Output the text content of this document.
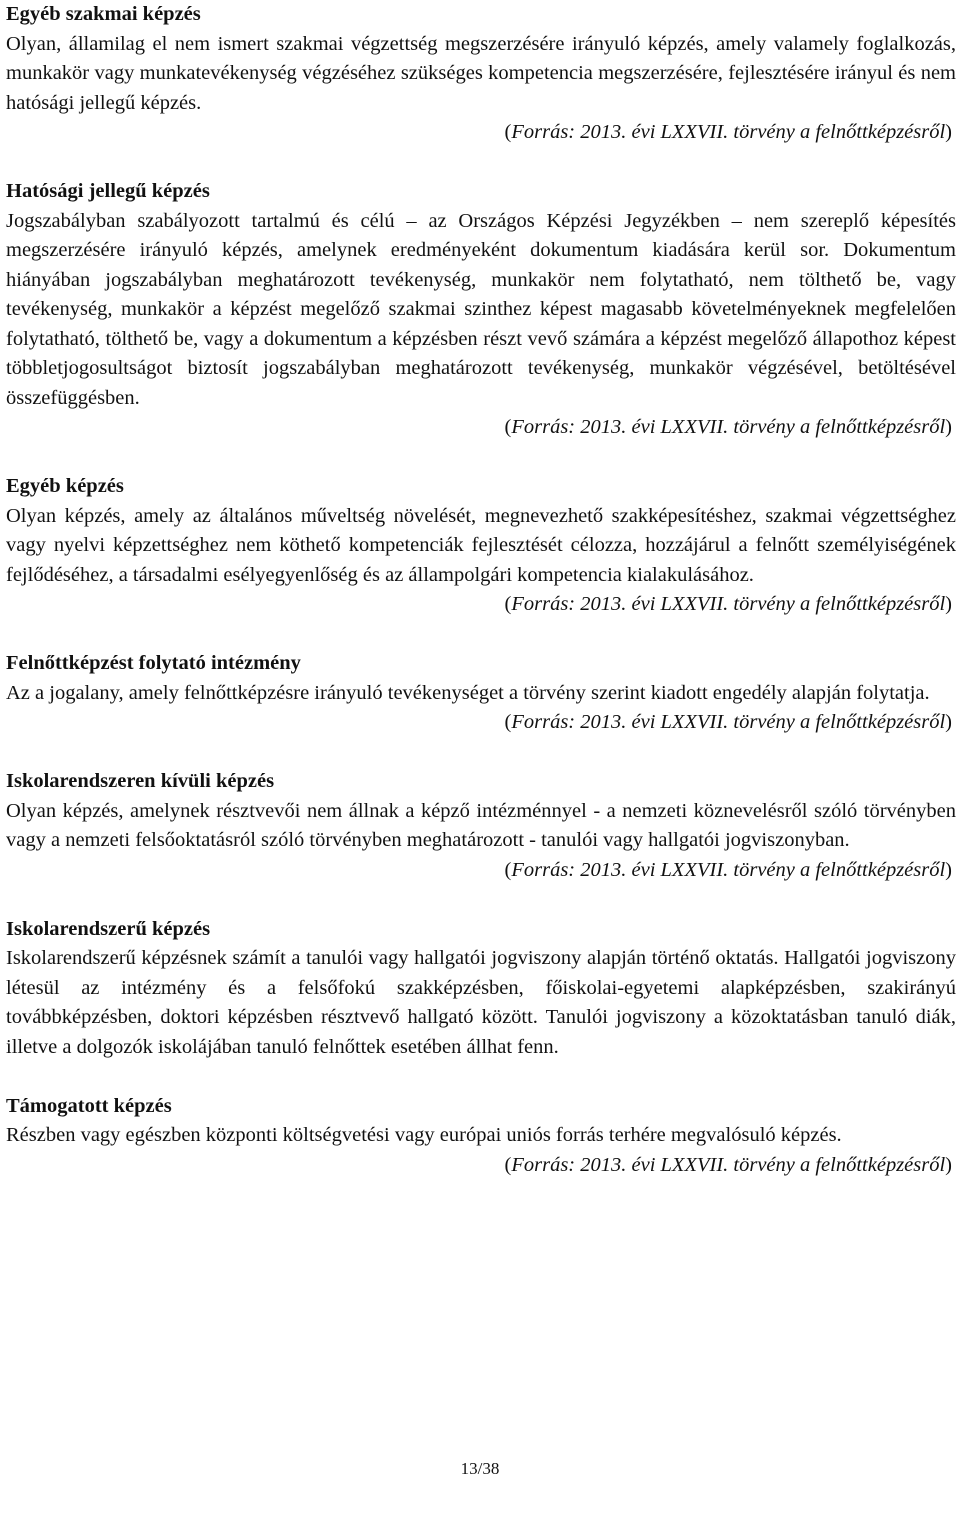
Egyéb szakmai képzés

Olyan, államilag el nem ismert szakmai végzettség megszerzésére irányuló képzés, amely valamely foglalkozás, munkakör vagy munkatevékenység végzéséhez szükséges kompetencia megszerzésére, fejlesztésére irányul és nem hatósági jellegű képzés.

(Forrás: 2013. évi LXXVII. törvény a felnőttképzésről)

Hatósági jellegű képzés

Jogszabályban szabályozott tartalmú és célú – az Országos Képzési Jegyzékben – nem szereplő képesítés megszerzésére irányuló képzés, amelynek eredményeként dokumentum kiadására kerül sor. Dokumentum hiányában jogszabályban meghatározott tevékenység, munkakör nem folytatható, nem tölthető be, vagy tevékenység, munkakör a képzést megelőző szakmai szinthez képest magasabb követelményeknek megfelelően folytatható, tölthető be, vagy a dokumentum a képzésben részt vevő számára a képzést megelőző állapothoz képest többletjogosultságot biztosít jogszabályban meghatározott tevékenység, munkakör végzésével, betöltésével összefüggésben.

(Forrás: 2013. évi LXXVII. törvény a felnőttképzésről)

Egyéb képzés

Olyan képzés, amely az általános műveltség növelését, megnevezhető szakképesítéshez, szakmai végzettséghez vagy nyelvi képzettséghez nem köthető kompetenciák fejlesztését célozza, hozzájárul a felnőtt személyiségének fejlődéséhez, a társadalmi esélyegyenlőség és az állampolgári kompetencia kialakulásához.

(Forrás: 2013. évi LXXVII. törvény a felnőttképzésről)

Felnőttképzést folytató intézmény

Az a jogalany, amely felnőttképzésre irányuló tevékenységet a törvény szerint kiadott engedély alapján folytatja.

(Forrás: 2013. évi LXXVII. törvény a felnőttképzésről)

Iskolarendszeren kívüli képzés

Olyan képzés, amelynek résztvevői nem állnak a képző intézménnyel - a nemzeti köznevelésről szóló törvényben vagy a nemzeti felsőoktatásról szóló törvényben meghatározott - tanulói vagy hallgatói jogviszonyban.

(Forrás: 2013. évi LXXVII. törvény a felnőttképzésről)

Iskolarendszerű képzés

Iskolarendszerű képzésnek számít a tanulói vagy hallgatói jogviszony alapján történő oktatás. Hallgatói jogviszony létesül az intézmény és a felsőfokú szakképzésben, főiskolai-egyetemi alapképzésben, szakirányú továbbképzésben, doktori képzésben résztvevő hallgató között. Tanulói jogviszony a közoktatásban tanuló diák, illetve a dolgozók iskolájában tanuló felnőttek esetében állhat fenn.

Támogatott képzés

Részben vagy egészben központi költségvetési vagy európai uniós forrás terhére megvalósuló képzés.

(Forrás: 2013. évi LXXVII. törvény a felnőttképzésről)

13/38
